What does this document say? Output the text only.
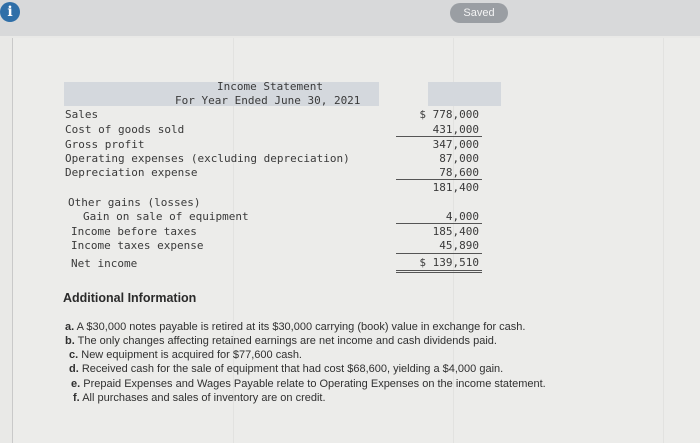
i	Saved
Income Statement
For Year Ended June 30, 2021
Sales
Cost of goods sold
Gross profit
Operating expenses (excluding depreciation)
Depreciation expense
Other gains (losses)
Gain on sale of equipment
Income before taxes
Income taxes expense
Net income
$ 778,000
431,000
347,000
87,000
78,600
181,400
4,000
185,400
45,890
$ 139,510
Additional Information
a. A $30,000 notes payable is retired at its $30,000 carrying (book) value in exchange for cash.
b. The only changes affecting retained earnings are net income and cash dividends paid.
c. New equipment is acquired for $77,600 cash.
d. Received cash for the sale of equipment that had cost $68,600, yielding a $4,000 gain.
e. Prepaid Expenses and Wages Payable relate to Operating Expenses on the income statement.
f. All purchases and sales of inventory are on credit.
